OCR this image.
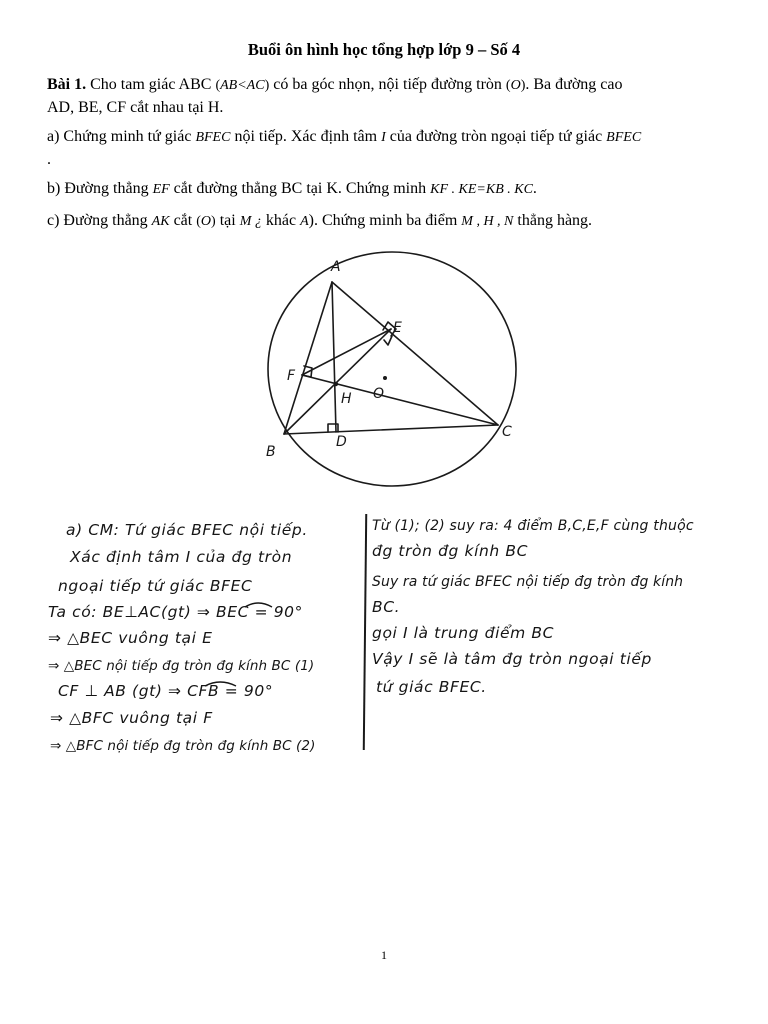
Buổi ôn hình học tổng hợp lớp 9 – Số 4
Bài 1. Cho tam giác ABC (AB<AC) có ba góc nhọn, nội tiếp đường tròn (O). Ba đường cao
AD, BE, CF cắt nhau tại H.
a) Chứng minh tứ giác BFEC nội tiếp. Xác định tâm I của đường tròn ngoại tiếp tứ giác BFEC
.
b) Đường thẳng EF cắt đường thẳng BC tại K. Chứng minh KF . KE=KB . KC.
c) Đường thẳng AK cắt (O) tại M ¿ khác A). Chứng minh ba điểm M , H , N thẳng hàng.
A
E
F
H O
D
B
C
a) CM: Tứ giác BFEC nội tiếp.
Xác định tâm I của đg tròn
ngoại tiếp tứ giác BFEC
Ta có: BE⊥AC(gt) ⇒ BEC = 90°
⇒ △BEC vuông tại E
⇒ △BEC nội tiếp đg tròn đg kính BC (1)
CF ⊥ AB (gt) ⇒ CFB = 90°
⇒ △BFC vuông tại F
⇒ △BFC nội tiếp đg tròn đg kính BC (2)
Từ (1); (2) suy ra: 4 điểm B,C,E,F cùng thuộc
đg tròn đg kính BC
Suy ra tứ giác BFEC nội tiếp đg tròn đg kính
BC.
gọi I là trung điểm BC
Vậy I sẽ là tâm đg tròn ngoại tiếp
tứ giác BFEC.
1
